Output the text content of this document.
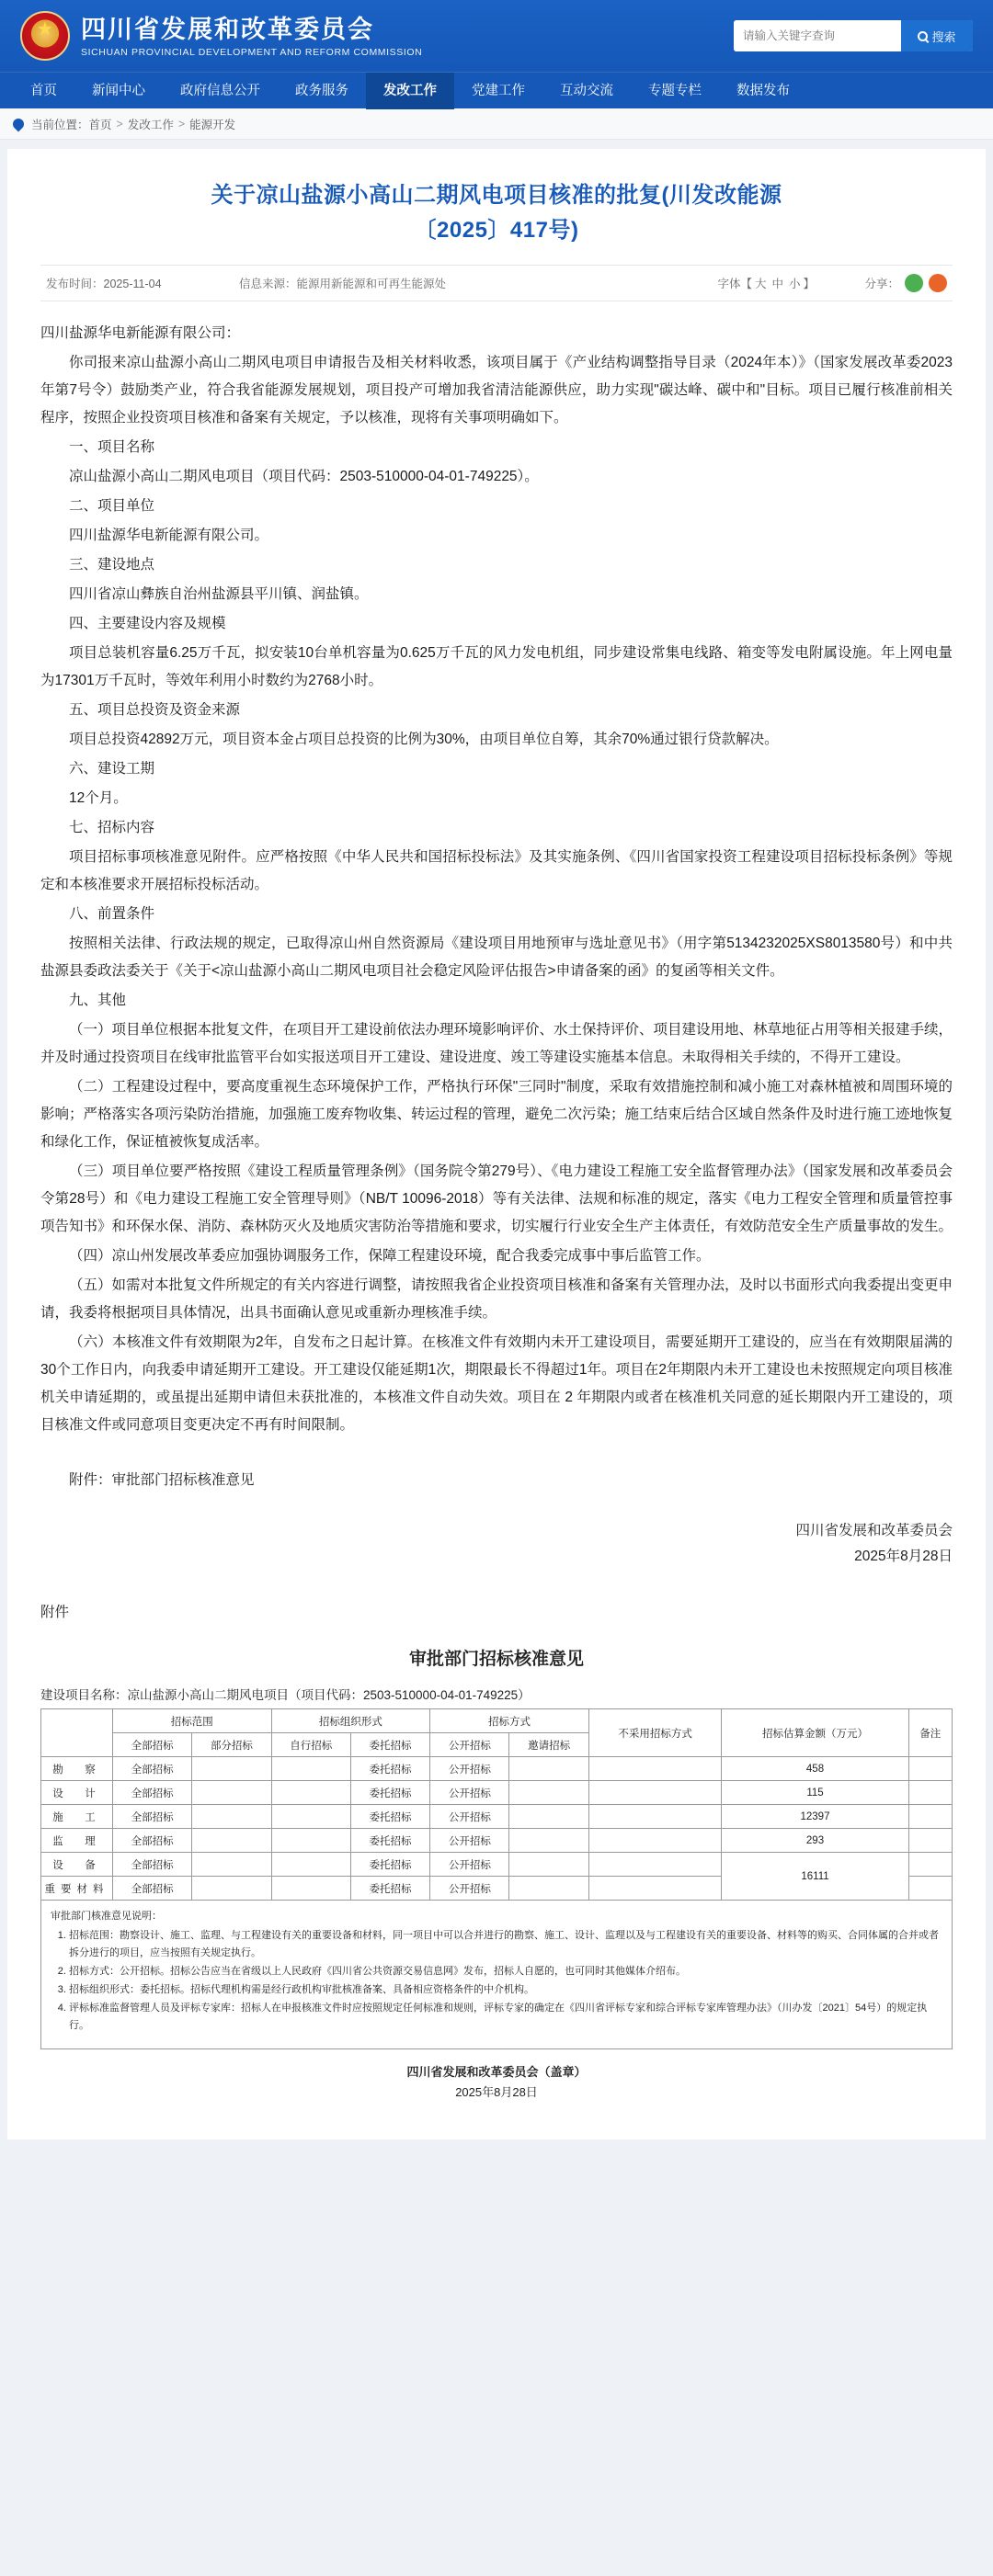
★
四川省发展和改革委员会
SICHUAN PROVINCIAL DEVELOPMENT AND REFORM COMMISSION
请输入关键字查询
搜索
首页	新闻中心	政府信息公开	政务服务	发改工作	党建工作	互动交流	专题专栏	数据发布
当前位置： 首页 > 发改工作 > 能源开发
关于凉山盐源小高山二期风电项目核准的批复(川发改能源
〔2025〕417号)
发布时间：2025-11-04	信息来源：能源用新能源和可再生能源处	字体【 大 中 小 】	分享：

四川盐源华电新能源有限公司：

你司报来凉山盐源小高山二期风电项目申请报告及相关材料收悉，该项目属于《产业结构调整指导目录（2024年本）》（国家发展改革委2023年第7号令）鼓励类产业，符合我省能源发展规划，项目投产可增加我省清洁能源供应，助力实现"碳达峰、碳中和"目标。项目已履行核准前相关程序，按照企业投资项目核准和备案有关规定，予以核准，现将有关事项明确如下。

一、项目名称

凉山盐源小高山二期风电项目（项目代码：2503-510000-04-01-749225）。

二、项目单位

四川盐源华电新能源有限公司。

三、建设地点

四川省凉山彝族自治州盐源县平川镇、润盐镇。

四、主要建设内容及规模

项目总装机容量6.25万千瓦，拟安装10台单机容量为0.625万千瓦的风力发电机组，同步建设常集电线路、箱变等发电附属设施。年上网电量为17301万千瓦时，等效年利用小时数约为2768小时。

五、项目总投资及资金来源

项目总投资42892万元，项目资本金占项目总投资的比例为30%，由项目单位自筹，其余70%通过银行贷款解决。

六、建设工期

12个月。

七、招标内容

项目招标事项核准意见附件。应严格按照《中华人民共和国招标投标法》及其实施条例、《四川省国家投资工程建设项目招标投标条例》等规定和本核准要求开展招标投标活动。

八、前置条件

按照相关法律、行政法规的规定，已取得凉山州自然资源局《建设项目用地预审与选址意见书》（用字第5134232025XS8013580号）和中共盐源县委政法委关于《关于<凉山盐源小高山二期风电项目社会稳定风险评估报告>申请备案的函》的复函等相关文件。

九、其他

（一）项目单位根据本批复文件，在项目开工建设前依法办理环境影响评价、水土保持评价、项目建设用地、林草地征占用等相关报建手续，并及时通过投资项目在线审批监管平台如实报送项目开工建设、建设进度、竣工等建设实施基本信息。未取得相关手续的，不得开工建设。

（二）工程建设过程中，要高度重视生态环境保护工作，严格执行环保"三同时"制度，采取有效措施控制和减小施工对森林植被和周围环境的影响；严格落实各项污染防治措施，加强施工废弃物收集、转运过程的管理，避免二次污染；施工结束后结合区域自然条件及时进行施工迹地恢复和绿化工作，保证植被恢复成活率。

（三）项目单位要严格按照《建设工程质量管理条例》（国务院令第279号）、《电力建设工程施工安全监督管理办法》（国家发展和改革委员会令第28号）和《电力建设工程施工安全管理导则》（NB/T 10096-2018）等有关法律、法规和标准的规定，落实《电力工程安全管理和质量管控事项告知书》和环保水保、消防、森林防灭火及地质灾害防治等措施和要求，切实履行行业安全生产主体责任，有效防范安全生产质量事故的发生。

（四）凉山州发展改革委应加强协调服务工作，保障工程建设环境，配合我委完成事中事后监管工作。

（五）如需对本批复文件所规定的有关内容进行调整，请按照我省企业投资项目核准和备案有关管理办法，及时以书面形式向我委提出变更申请，我委将根据项目具体情况，出具书面确认意见或重新办理核准手续。

（六）本核准文件有效期限为2年，自发布之日起计算。在核准文件有效期内未开工建设项目，需要延期开工建设的，应当在有效期限届满的30个工作日内，向我委申请延期开工建设。开工建设仅能延期1次，期限最长不得超过1年。项目在2年期限内未开工建设也未按照规定向项目核准机关申请延期的，或虽提出延期申请但未获批准的，本核准文件自动失效。项目在 2 年期限内或者在核准机关同意的延长期限内开工建设的，项目核准文件或同意项目变更决定不再有时间限制。

附件：审批部门招标核准意见

四川省发展和改革委员会
2025年8月28日
附件
审批部门招标核准意见
建设项目名称：凉山盐源小高山二期风电项目（项目代码：2503-510000-04-01-749225）
	招标范围		招标组织形式		招标方式		不采用招标方式	招标估算金额（万元）	备注
	全部招标	部分招标	自行招标	委托招标	公开招标	邀请招标			
勘　察	全部招标			委托招标	公开招标			458	
设　计	全部招标			委托招标	公开招标			115	
施　工	全部招标			委托招标	公开招标			12397	
监　理	全部招标			委托招标	公开招标			293	
设　备	全部招标			委托招标	公开招标			16111	
重要材料	全部招标			委托招标	公开招标				
审批部门核准意见说明：
1. 招标范围：勘察设计、施工、监理、与工程建设有关的重要设备和材料，同一项目中可以合并进行的勘察、施工、设计、监理以及与工程建设有关的重要设备、材料等的购买、合同体属的合并或者拆分进行的项目，应当按照有关规定执行。
2. 招标方式：公开招标。招标公告应当在省级以上人民政府《四川省公共资源交易信息网》发布，招标人自愿的，也可同时其他媒体介绍布。
3. 招标组织形式：委托招标。招标代理机构需是经行政机构审批核准备案、具备相应资格条件的中介机构。
4. 评标标准监督管理人员及评标专家库：招标人在申报核准文件时应按照规定任何标准和规则，评标专家的确定在《四川省评标专家和综合评标专家库管理办法》（川办发〔2021〕54号）的规定执行。
四川省发展和改革委员会（盖章）
2025年8月28日
